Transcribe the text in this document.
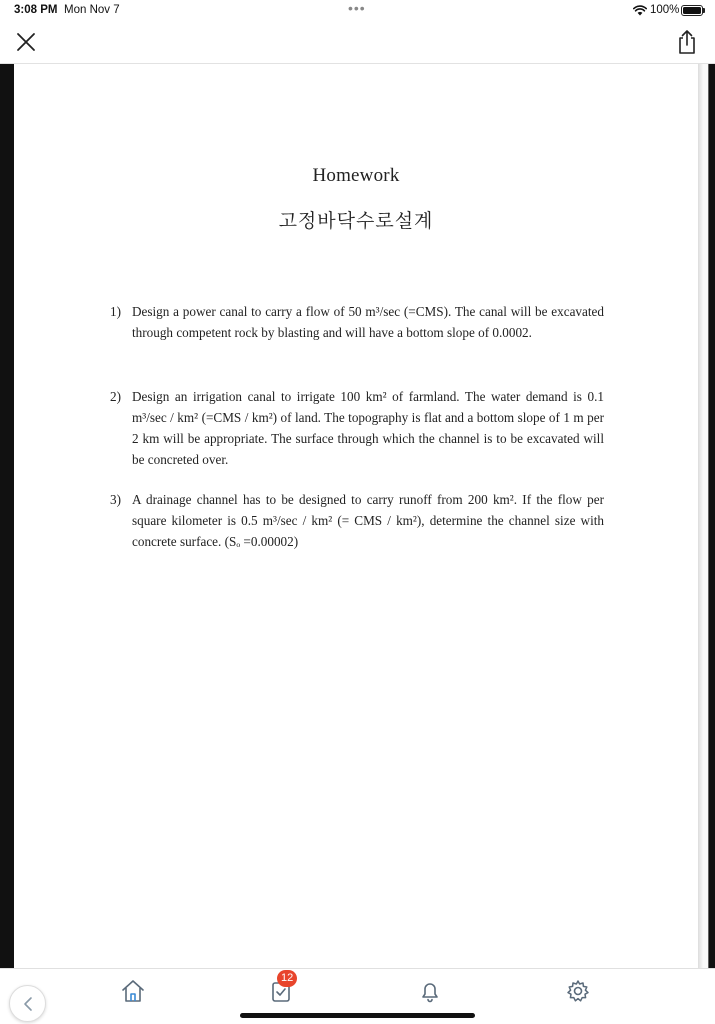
3:08 PM Mon Nov 7	•••	100%
Homework
고정바닥수로설계
1) Design a power canal to carry a flow of 50 m³/sec (=CMS). The canal will be excavated through competent rock by blasting and will have a bottom slope of 0.0002.
2) Design an irrigation canal to irrigate 100 km² of farmland. The water demand is 0.1 m³/sec / km² (=CMS / km²) of land. The topography is flat and a bottom slope of 1 m per 2 km will be appropriate. The surface through which the channel is to be excavated will be concreted over.
3) A drainage channel has to be designed to carry runoff from 200 km². If the flow per square kilometer is 0.5 m³/sec / km² (= CMS / km²), determine the channel size with concrete surface. (Sₒ =0.00002)
12
